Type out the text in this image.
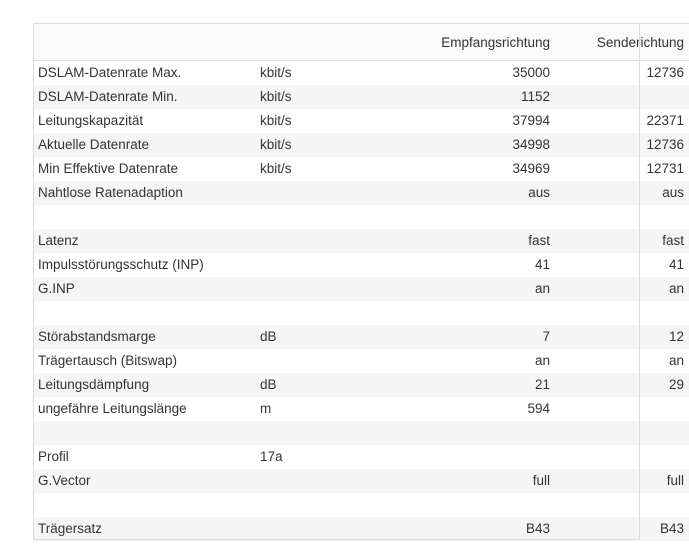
		Empfangsrichtung	Senderichtung
DSLAM-Datenrate Max.	kbit/s	35000	12736
DSLAM-Datenrate Min.	kbit/s	1152	
Leitungskapazität	kbit/s	37994	22371
Aktuelle Datenrate	kbit/s	34998	12736
Min Effektive Datenrate	kbit/s	34969	12731
Nahtlose Ratenadaption		aus	aus

Latenz		fast	fast
Impulsstörungsschutz (INP)		41	41
G.INP		an	an

Störabstandsmarge	dB	7	12
Trägertausch (Bitswap)		an	an
Leitungsdämpfung	dB	21	29
ungefähre Leitungslänge	m	594	

Profil	17a		
G.Vector		full	full

Trägersatz		B43	B43
